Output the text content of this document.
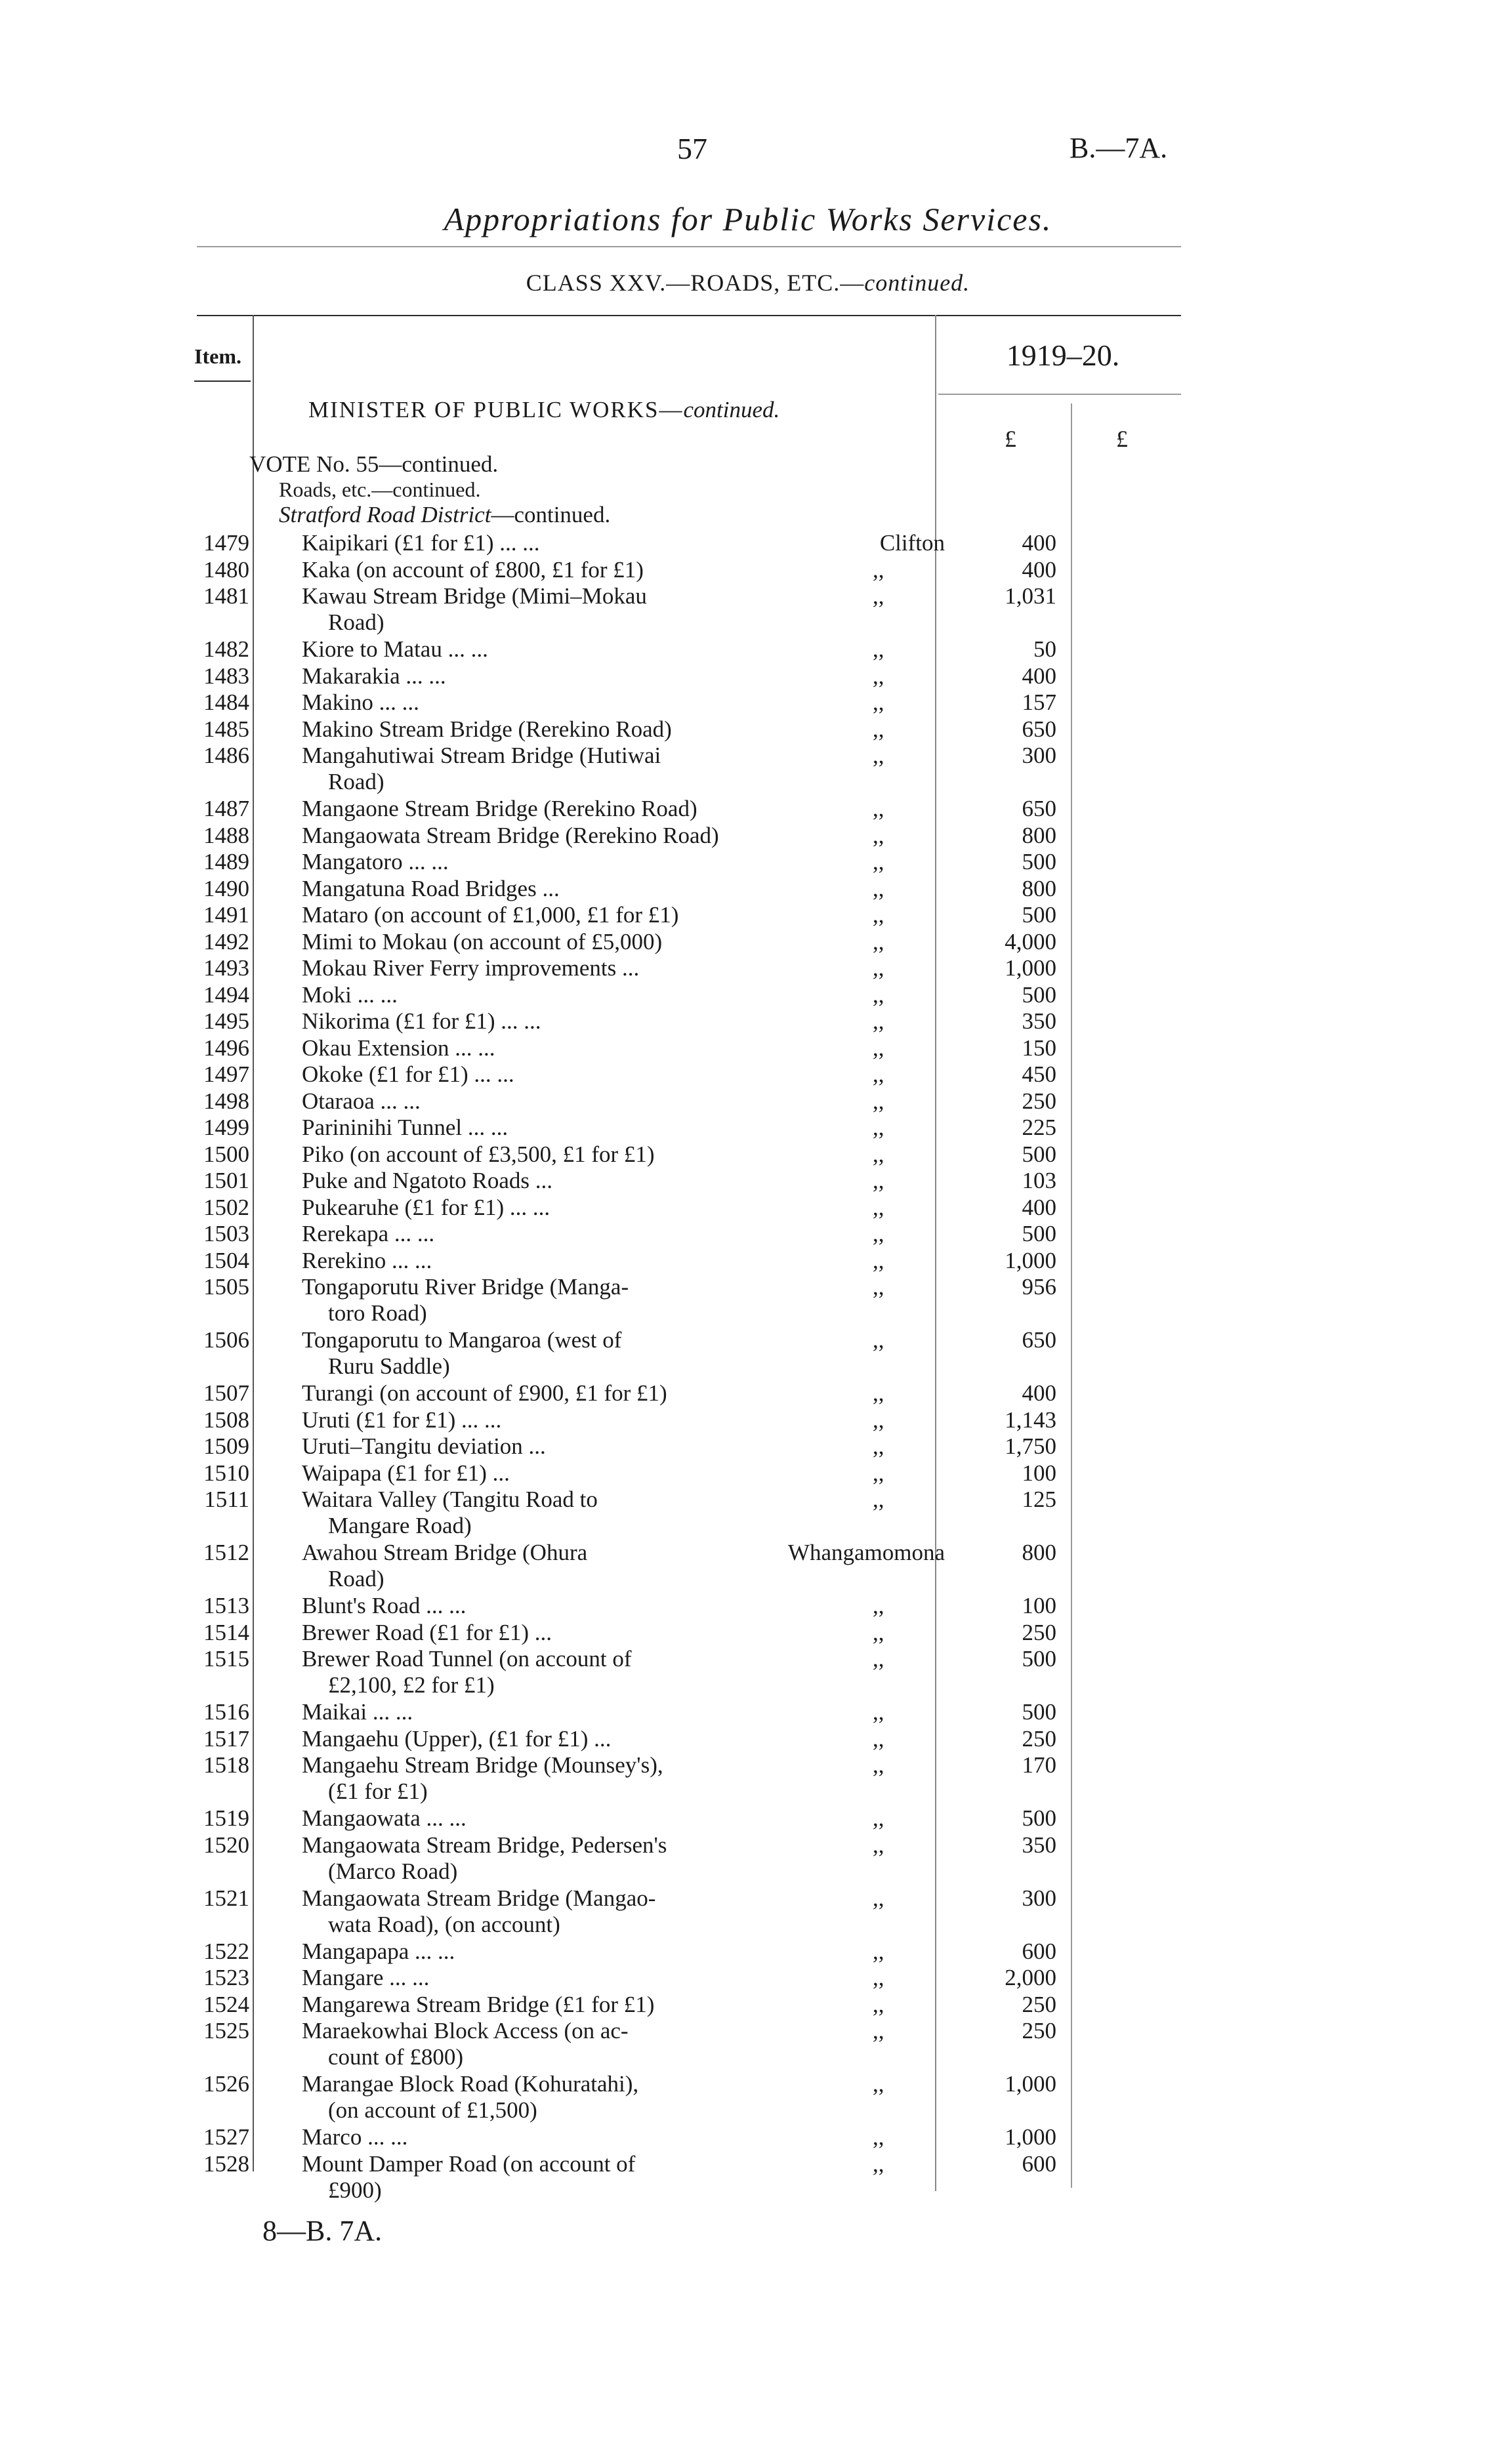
57	B.—7A.
Appropriations for Public Works Services.
CLASS XXV.—ROADS, ETC.—continued.
Item.	1919–20.
MINISTER OF PUBLIC WORKS—continued.
£	£
VOTE No. 55—continued.
Roads, etc.—continued.
Stratford Road District—continued.
1479 Kaipikari (£1 for £1) ... ...	Clifton	400
1480 Kaka (on account of £800, £1 for £1)	,,	400
1481 Kawau Stream Bridge (Mimi–Mokau
Road)
,,	1,031
1482 Kiore to Matau ... ...	,,	50
1483 Makarakia ... ...	,,	400
1484 Makino ... ...	,,	157
1485 Makino Stream Bridge (Rerekino Road)	,,	650
1486 Mangahutiwai Stream Bridge (Hutiwai
Road)
,,	300
1487 Mangaone Stream Bridge (Rerekino Road)	,,	650
1488 Mangaowata Stream Bridge (Rerekino Road)	,,	800
1489 Mangatoro ... ...	,,	500
1490 Mangatuna Road Bridges ...	,,	800
1491 Mataro (on account of £1,000, £1 for £1)	,,	500
1492 Mimi to Mokau (on account of £5,000)	,,	4,000
1493 Mokau River Ferry improvements ...	,,	1,000
1494 Moki ... ...	,,	500
1495 Nikorima (£1 for £1) ... ...	,,	350
1496 Okau Extension ... ...	,,	150
1497 Okoke (£1 for £1) ... ...	,,	450
1498 Otaraoa ... ...	,,	250
1499 Parininihi Tunnel ... ...	,,	225
1500 Piko (on account of £3,500, £1 for £1)	,,	500
1501 Puke and Ngatoto Roads ...	,,	103
1502 Pukearuhe (£1 for £1) ... ...	,,	400
1503 Rerekapa ... ...	,,	500
1504 Rerekino ... ...	,,	1,000
1505 Tongaporutu River Bridge (Manga-
toro Road)
,,	956
1506 Tongaporutu to Mangaroa (west of
Ruru Saddle)
,,	650
1507 Turangi (on account of £900, £1 for £1)	,,	400
1508 Uruti (£1 for £1) ... ...	,,	1,143
1509 Uruti–Tangitu deviation ...	,,	1,750
1510 Waipapa (£1 for £1) ...	,,	100
1511 Waitara Valley (Tangitu Road to
Mangare Road)
,,	125
1512 Awahou Stream Bridge (Ohura
Road)
Whangamomona	800
1513 Blunt's Road ... ...	,,	100
1514 Brewer Road (£1 for £1) ...	,,	250
1515 Brewer Road Tunnel (on account of
£2,100, £2 for £1)
,,	500
1516 Maikai ... ...	,,	500
1517 Mangaehu (Upper), (£1 for £1) ...	,,	250
1518 Mangaehu Stream Bridge (Mounsey's),
(£1 for £1)
,,	170
1519 Mangaowata ... ...	,,	500
1520 Mangaowata Stream Bridge, Pedersen's
(Marco Road)
,,	350
1521 Mangaowata Stream Bridge (Mangao-
wata Road), (on account)
,,	300
1522 Mangapapa ... ...	,,	600
1523 Mangare ... ...	,,	2,000
1524 Mangarewa Stream Bridge (£1 for £1)	,,	250
1525 Maraekowhai Block Access (on ac-
count of £800)
,,	250
1526 Marangae Block Road (Kohuratahi),
(on account of £1,500)
,,	1,000
1527 Marco ... ...	,,	1,000
1528 Mount Damper Road (on account of
£900)
,,	600
8—B. 7A.
